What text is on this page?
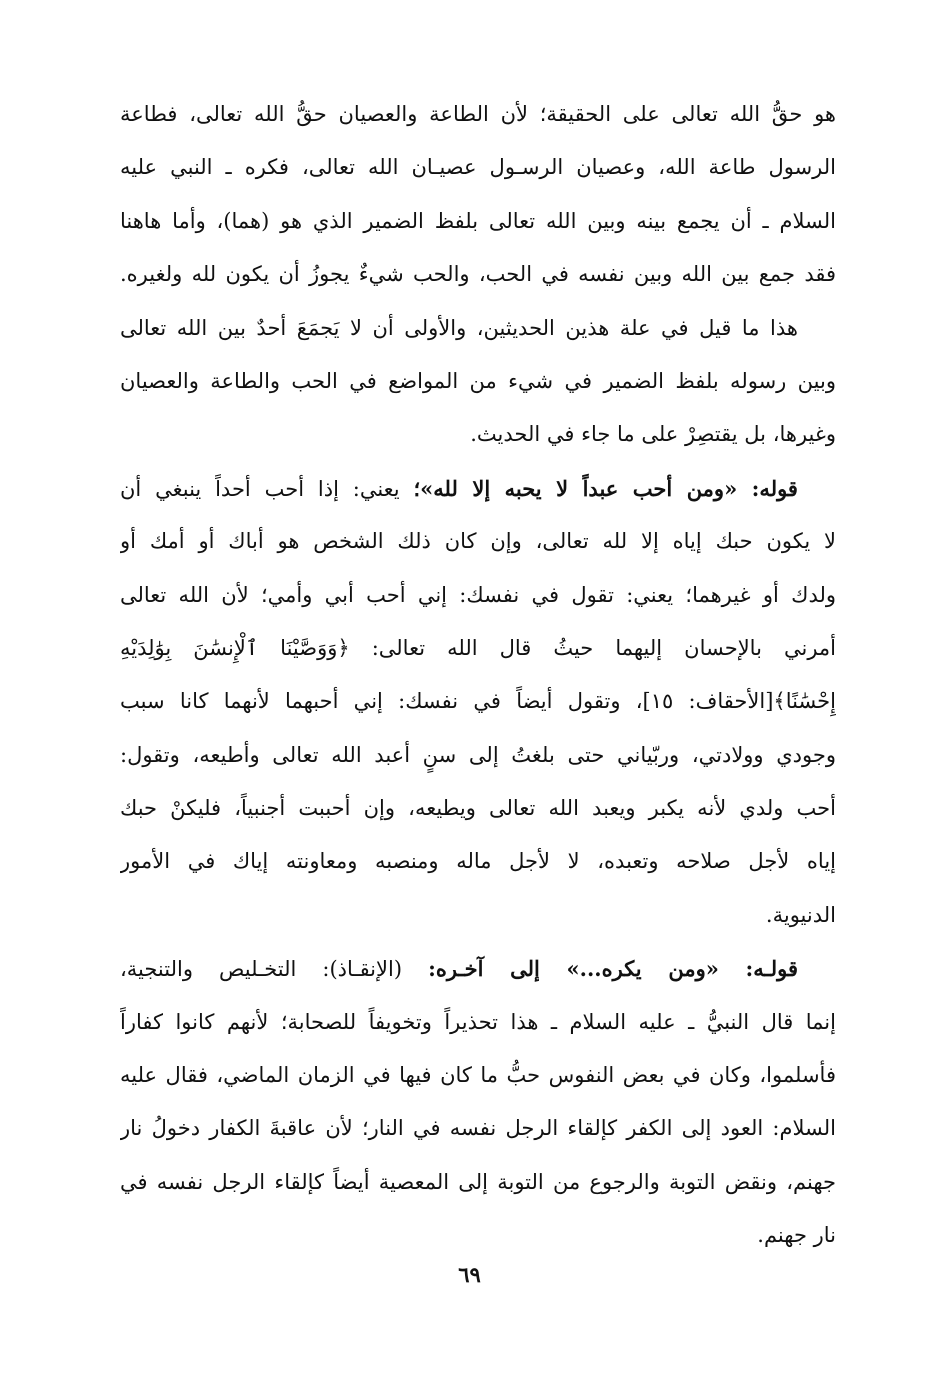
هو حقُّ الله تعالى على الحقيقة؛ لأن الطاعة والعصيان حقُّ الله تعالى، فطاعة
الرسول طاعة الله، وعصيان الرسـول عصيـان الله تعالى، فكره ـ النبي عليه
السلام ـ أن يجمع بينه وبين الله تعالى بلفظ الضمير الذي هو (هما)، وأما هاهنا
فقد جمع بين الله وبين نفسه في الحب، والحب شيءٌ يجوزُ أن يكون لله ولغيره.
هذا ما قيل في علة هذين الحديثين، والأولى أن لا يَجمَعَ أحدٌ بين الله تعالى
وبين رسوله بلفظ الضمير في شيء من المواضع في الحب والطاعة والعصيان
وغيرها، بل يقتصِرْ على ما جاء في الحديث.
قوله: «ومن أحب عبداً لا يحبه إلا لله»؛ يعني: إذا أحب أحداً ينبغي أن
لا يكون حبك إياه إلا لله تعالى، وإن كان ذلك الشخص هو أباك أو أمك أو
ولدك أو غيرهما؛ يعني: تقول في نفسك: إني أحب أبي وأمي؛ لأن الله تعالى
أمرني بالإحسان إليهما حيثُ قال الله تعالى: ﴿وَوَصَّيْنَا ٱلْإِنسَٰنَ بِوَٰلِدَيْهِ
إِحْسَٰنًا﴾[الأحقاف: ١٥]، وتقول أيضاً في نفسك: إني أحبهما لأنهما كانا سبب
وجودي وولادتي، وربّياني حتى بلغتُ إلى سنٍ أعبد الله تعالى وأطيعه، وتقول:
أحب ولدي لأنه يكبر ويعبد الله تعالى ويطيعه، وإن أحببت أجنبياً، فليكنْ حبك
إياه لأجل صلاحه وتعبده، لا لأجل ماله ومنصبه ومعاونته إياك في الأمور
الدنيوية.
قولـه: «ومن يكره...» إلى آخـره: (الإنقـاذ): التخـليص والتنجية،
إنما قال النبيُّ ـ عليه السلام ـ هذا تحذيراً وتخويفاً للصحابة؛ لأنهم كانوا كفاراً
فأسلموا، وكان في بعض النفوس حبُّ ما كان فيها في الزمان الماضي، فقال عليه
السلام: العود إلى الكفر كإلقاء الرجل نفسه في النار؛ لأن عاقبةَ الكفار دخولُ نار
جهنم، ونقض التوبة والرجوع من التوبة إلى المعصية أيضاً كإلقاء الرجل نفسه في
نار جهنم.
٦٩
